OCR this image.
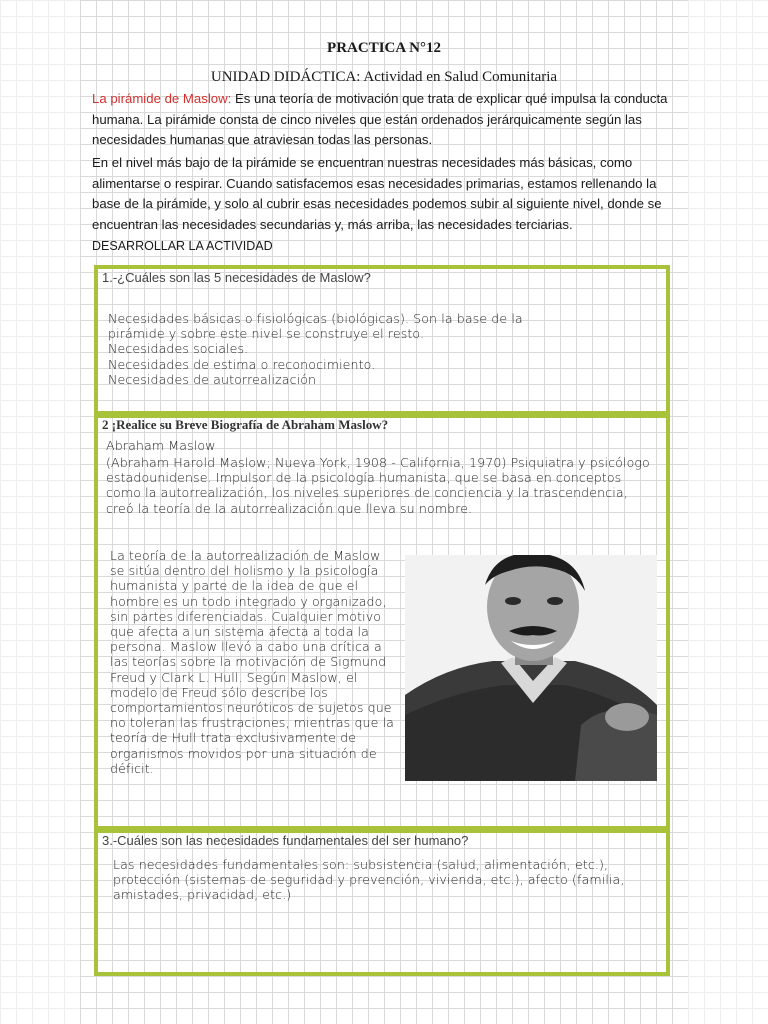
PRACTICA N°12
UNIDAD DIDÁCTICA: Actividad en Salud Comunitaria
La pirámide de Maslow: Es una teoría de motivación que trata de explicar qué impulsa la conducta humana. La pirámide consta de cinco niveles que están ordenados jerárquicamente según las necesidades humanas que atraviesan todas las personas.
En el nivel más bajo de la pirámide se encuentran nuestras necesidades más básicas, como alimentarse o respirar. Cuando satisfacemos esas necesidades primarias, estamos rellenando la base de la pirámide, y solo al cubrir esas necesidades podemos subir al siguiente nivel, donde se encuentran las necesidades secundarias y, más arriba, las necesidades terciarias.
DESARROLLAR LA ACTIVIDAD
1.-¿Cuáles son las 5 necesidades de Maslow?
Necesidades básicas o fisiológicas (biológicas). Son la base de la
pirámide y sobre este nivel se construye el resto.
Necesidades sociales.
Necesidades de estima o reconocimiento.
Necesidades de autorrealización
2 ¡Realice su Breve Biografía de Abraham Maslow?
Abraham Maslow
(Abraham Harold Maslow; Nueva York, 1908 - California, 1970) Psiquiatra y psicólogo estadounidense. Impulsor de la psicología humanista, que se basa en conceptos como la autorrealización, los niveles superiores de conciencia y la trascendencia, creó la teoría de la autorrealización que lleva su nombre.
La teoría de la autorrealización de Maslow se sitúa dentro del holismo y la psicología humanista y parte de la idea de que el hombre es un todo integrado y organizado, sin partes diferenciadas. Cualquier motivo que afecta a un sistema afecta a toda la persona. Maslow llevó a cabo una crítica a las teorías sobre la motivación de Sigmund Freud y Clark L. Hull. Según Maslow, el modelo de Freud sólo describe los comportamientos neuróticos de sujetos que no toleran las frustraciones, mientras que la teoría de Hull trata exclusivamente de organismos movidos por una situación de déficit.
3.-Cuáles son las necesidades fundamentales del ser humano?
Las necesidades fundamentales son: subsistencia (salud, alimentación, etc.), protección (sistemas de seguridad y prevención, vivienda, etc.), afecto (familia, amistades, privacidad, etc.)
